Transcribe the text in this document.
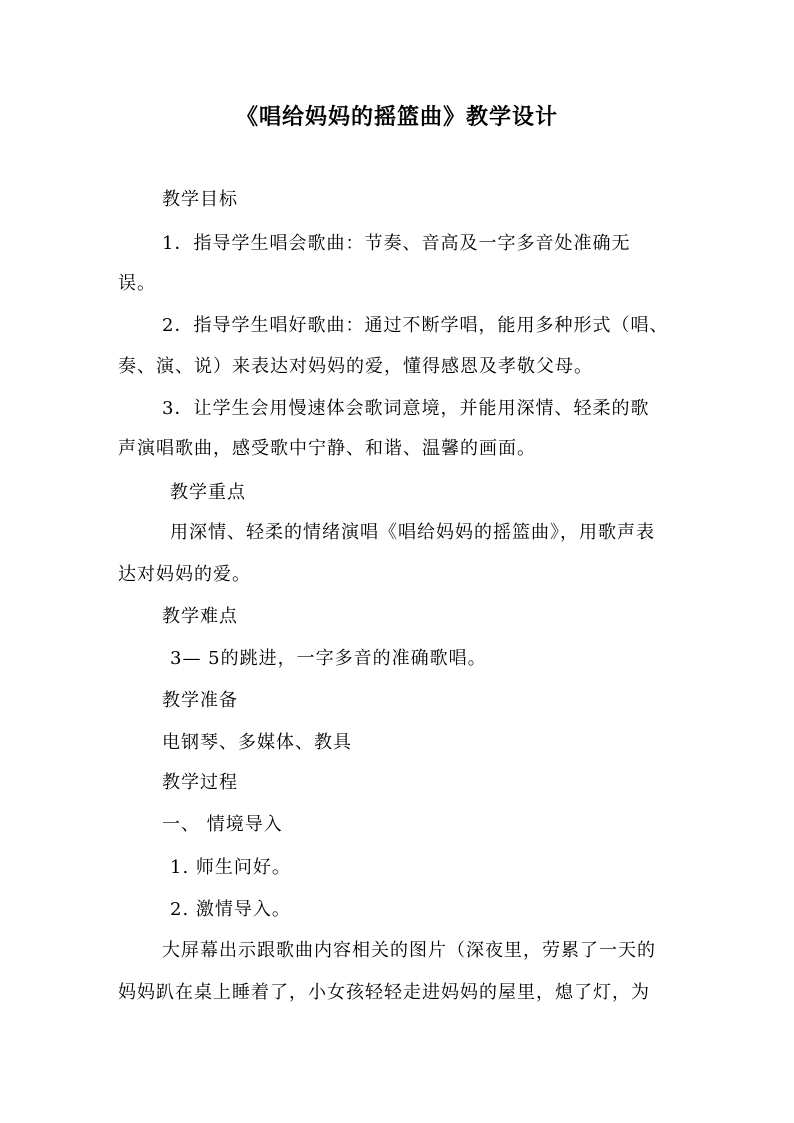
《唱给妈妈的摇篮曲》教学设计
教学目标
1．指导学生唱会歌曲：节奏、音高及一字多音处准确无
误。
2．指导学生唱好歌曲：通过不断学唱，能用多种形式（唱、
奏、演、说）来表达对妈妈的爱，懂得感恩及孝敬父母。
3．让学生会用慢速体会歌词意境，并能用深情、轻柔的歌
声演唱歌曲，感受歌中宁静、和谐、温馨的画面。
教学重点
用深情、轻柔的情绪演唱《唱给妈妈的摇篮曲》，用歌声表
达对妈妈的爱。
教学难点
3— 5的跳进，一字多音的准确歌唱。
教学准备
电钢琴、多媒体、教具
教学过程
一、 情境导入
1. 师生问好。
2. 激情导入。
大屏幕出示跟歌曲内容相关的图片（深夜里，劳累了一天的
妈妈趴在桌上睡着了，小女孩轻轻走进妈妈的屋里，熄了灯，为
